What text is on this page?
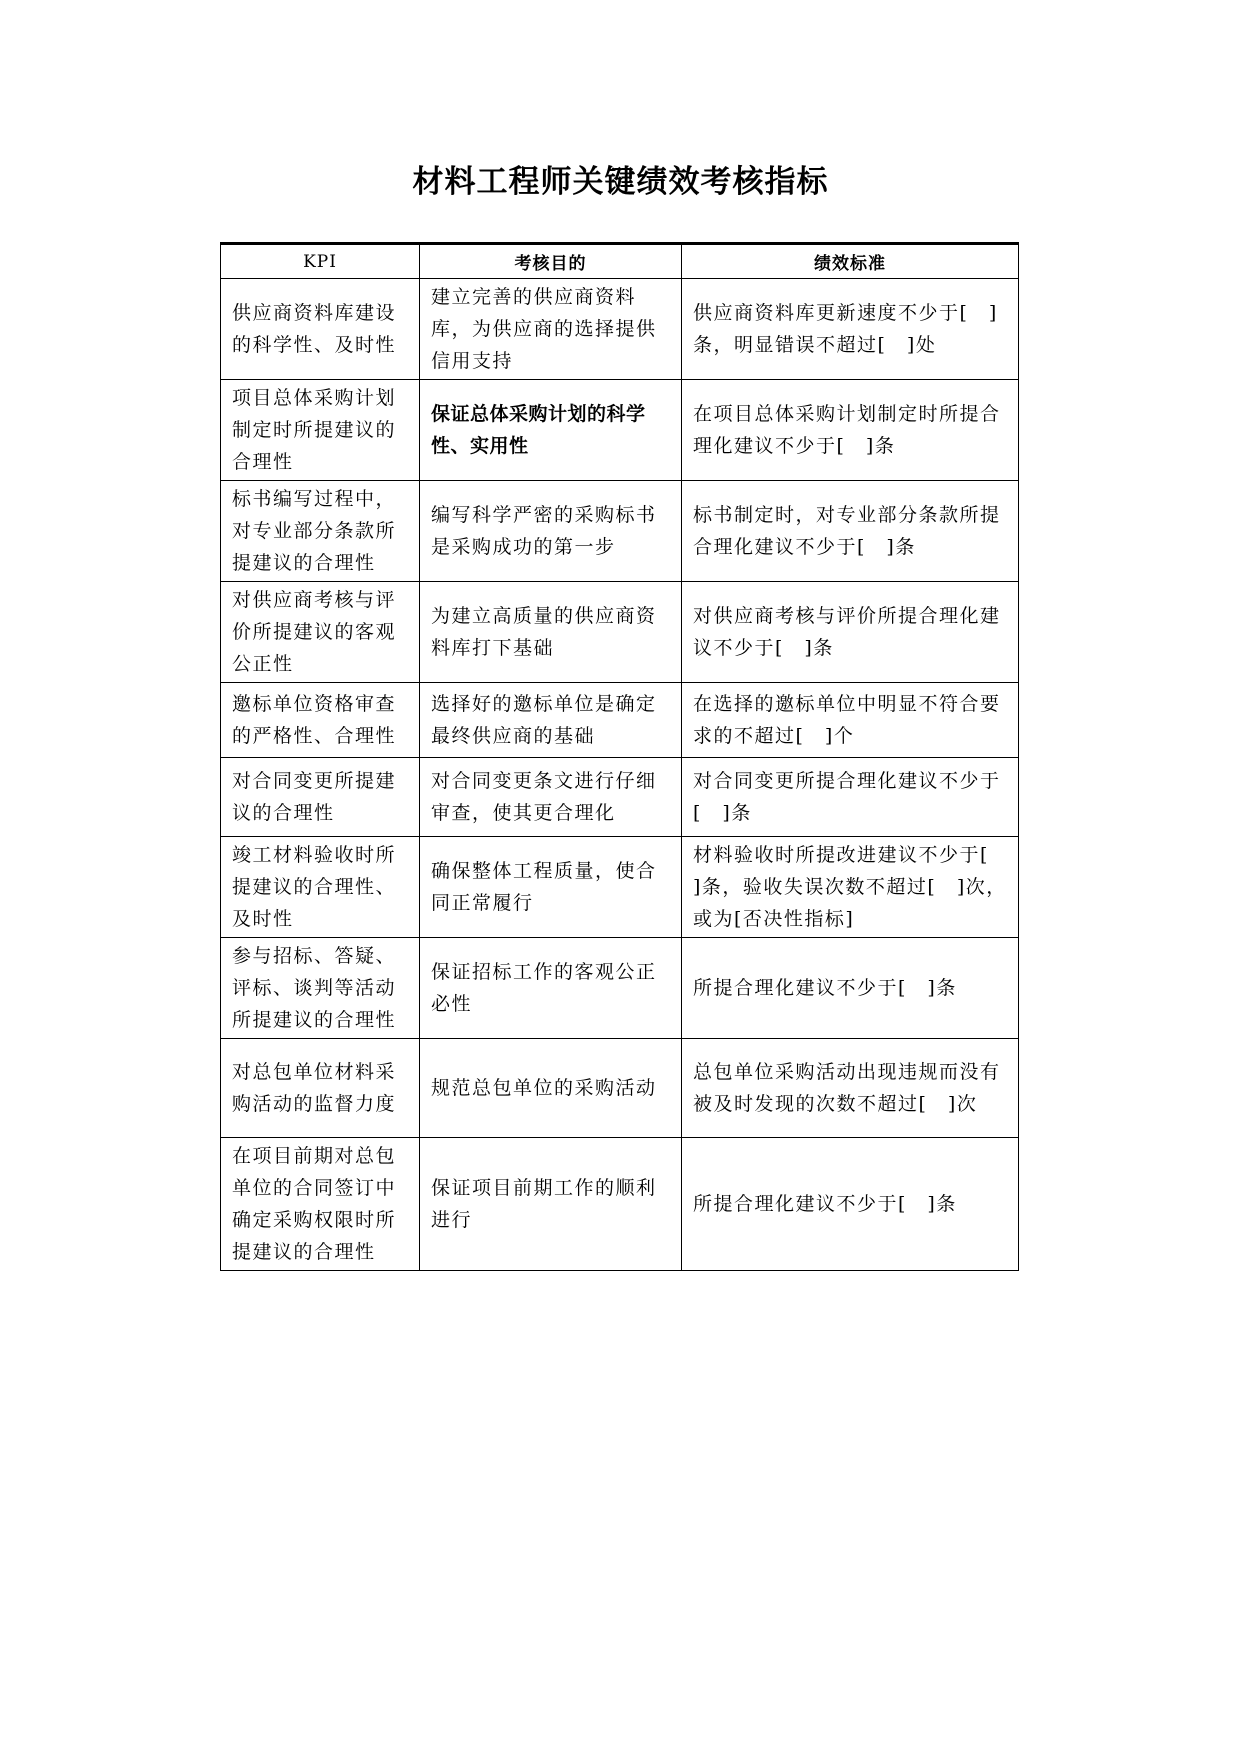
材料工程师关键绩效考核指标
KPI	考核目的	绩效标准
供应商资料库建设的科学性、及时性	建立完善的供应商资料库，为供应商的选择提供信用支持	供应商资料库更新速度不少于[　]条，明显错误不超过[　]处
项目总体采购计划制定时所提建议的合理性	保证总体采购计划的科学性、实用性	在项目总体采购计划制定时所提合理化建议不少于[　]条
标书编写过程中，对专业部分条款所提建议的合理性	编写科学严密的采购标书是采购成功的第一步	标书制定时，对专业部分条款所提合理化建议不少于[　]条
对供应商考核与评价所提建议的客观公正性	为建立高质量的供应商资料库打下基础	对供应商考核与评价所提合理化建议不少于[　]条
邀标单位资格审查的严格性、合理性	选择好的邀标单位是确定最终供应商的基础	在选择的邀标单位中明显不符合要求的不超过[　]个
对合同变更所提建议的合理性	对合同变更条文进行仔细审查，使其更合理化	对合同变更所提合理化建议不少于[　]条
竣工材料验收时所提建议的合理性、及时性	确保整体工程质量，使合同正常履行	材料验收时所提改进建议不少于[　　]条，验收失误次数不超过[　]次，或为[否决性指标]
参与招标、答疑、评标、谈判等活动所提建议的合理性	保证招标工作的客观公正必性	所提合理化建议不少于[　]条
对总包单位材料采购活动的监督力度	规范总包单位的采购活动	总包单位采购活动出现违规而没有被及时发现的次数不超过[　]次
在项目前期对总包单位的合同签订中确定采购权限时所提建议的合理性	保证项目前期工作的顺利进行	所提合理化建议不少于[　]条
